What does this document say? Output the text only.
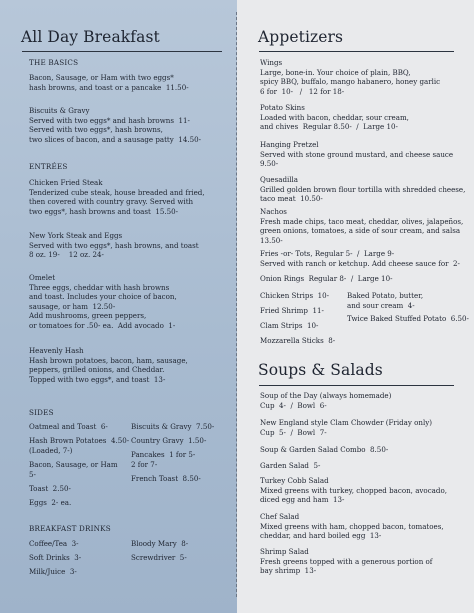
All Day Breakfast
THE BASICS
Bacon, Sausage, or Ham with two eggs*
hash browns, and toast or a pancake  11.50-
Biscuits & Gravy
Served with two eggs* and hash browns  11-
Served with two eggs*, hash browns,
two slices of bacon, and a sausage patty  14.50-
ENTRÉES
Chicken Fried Steak
Tenderized cube steak, house breaded and fried,
then covered with country gravy. Served with
two eggs*, hash browns and toast  15.50-
New York Steak and Eggs
Served with two eggs*, hash browns, and toast
8 oz. 19-    12 oz. 24-
Omelet
Three eggs, cheddar with hash browns
and toast. Includes your choice of bacon,
sausage, or ham  12.50-
Add mushrooms, green peppers,
or tomatoes for .50- ea.  Add avocado  1-
Heavenly Hash
Hash brown potatoes, bacon, ham, sausage,
peppers, grilled onions, and Cheddar.
Topped with two eggs*, and toast  13-
SIDES
Oatmeal and Toast  6-
Hash Brown Potatoes  4.50-
(Loaded, 7-)
Bacon, Sausage, or Ham
5-
Toast  2.50-
Eggs  2- ea.
Biscuits & Gravy  7.50-
Country Gravy  1.50-
Pancakes  1 for 5-
2 for 7-
French Toast  8.50-
BREAKFAST DRINKS
Coffee/Tea  3-
Soft Drinks  3-
Milk/Juice  3-
Bloody Mary  8-
Screwdriver  5-
Appetizers
Wings
Large, bone-in. Your choice of plain, BBQ,
spicy BBQ, buffalo, mango habanero, honey garlic
6 for  10-   /   12 for 18-
Potato Skins
Loaded with bacon, cheddar, sour cream,
and chives  Regular 8.50-  /  Large 10-
Hanging Pretzel
Served with stone ground mustard, and cheese sauce
9.50-
Quesadilla
Grilled golden brown flour tortilla with shredded cheese,
taco meat  10.50-
Nachos
Fresh made chips, taco meat, cheddar, olives, jalapeños,
green onions, tomatoes, a side of sour cream, and salsa
13.50-
Fries -or- Tots, Regular 5-  /  Large 9-
Served with ranch or ketchup. Add cheese sauce for  2-
Onion Rings  Regular 8-  /  Large 10-
Chicken Strips  10-
Fried Shrimp  11-
Clam Strips  10-
Mozzarella Sticks  8-
Baked Potato, butter,
and sour cream  4-
Twice Baked Stuffed Potato  6.50-
Soups & Salads
Soup of the Day (always homemade)
Cup  4-  /  Bowl  6-
New England style Clam Chowder (Friday only)
Cup  5-  /  Bowl  7-
Soup & Garden Salad Combo  8.50-
Garden Salad  5-
Turkey Cobb Salad
Mixed greens with turkey, chopped bacon, avocado,
diced egg and ham  13-
Chef Salad
Mixed greens with ham, chopped bacon, tomatoes,
cheddar, and hard boiled egg  13-
Shrimp Salad
Fresh greens topped with a generous portion of
bay shrimp  13-
